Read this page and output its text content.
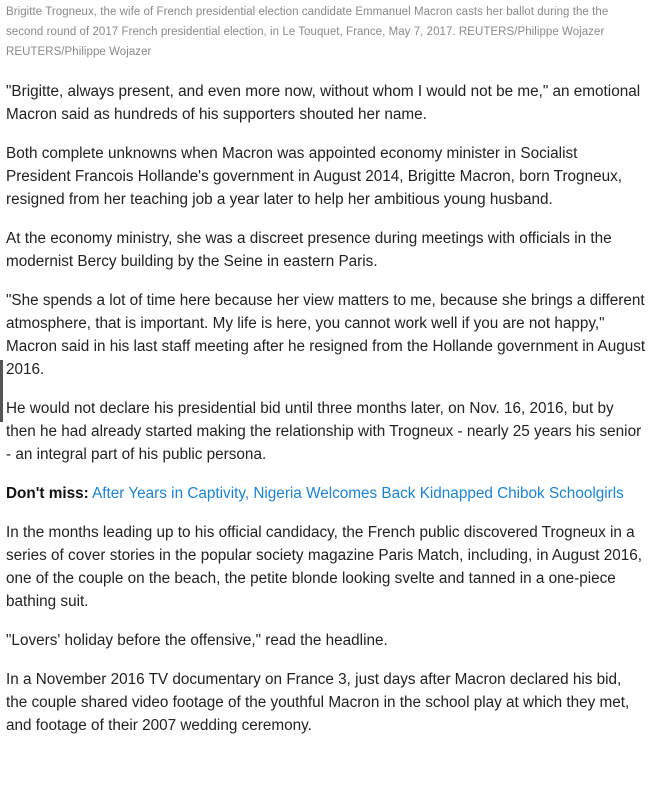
Brigitte Trogneux, the wife of French presidential election candidate Emmanuel Macron casts her ballot during the the second round of 2017 French presidential election, in Le Touquet, France, May 7, 2017. REUTERS/Philippe Wojazer REUTERS/Philippe Wojazer

"Brigitte, always present, and even more now, without whom I would not be me," an emotional Macron said as hundreds of his supporters shouted her name.

Both complete unknowns when Macron was appointed economy minister in Socialist President Francois Hollande's government in August 2014, Brigitte Macron, born Trogneux, resigned from her teaching job a year later to help her ambitious young husband.

At the economy ministry, she was a discreet presence during meetings with officials in the modernist Bercy building by the Seine in eastern Paris.

"She spends a lot of time here because her view matters to me, because she brings a different atmosphere, that is important. My life is here, you cannot work well if you are not happy," Macron said in his last staff meeting after he resigned from the Hollande government in August 2016.

He would not declare his presidential bid until three months later, on Nov. 16, 2016, but by then he had already started making the relationship with Trogneux - nearly 25 years his senior - an integral part of his public persona.

Don't miss: After Years in Captivity, Nigeria Welcomes Back Kidnapped Chibok Schoolgirls

In the months leading up to his official candidacy, the French public discovered Trogneux in a series of cover stories in the popular society magazine Paris Match, including, in August 2016, one of the couple on the beach, the petite blonde looking svelte and tanned in a one-piece bathing suit.

"Lovers' holiday before the offensive," read the headline.

In a November 2016 TV documentary on France 3, just days after Macron declared his bid, the couple shared video footage of the youthful Macron in the school play at which they met, and footage of their 2007 wedding ceremony.
